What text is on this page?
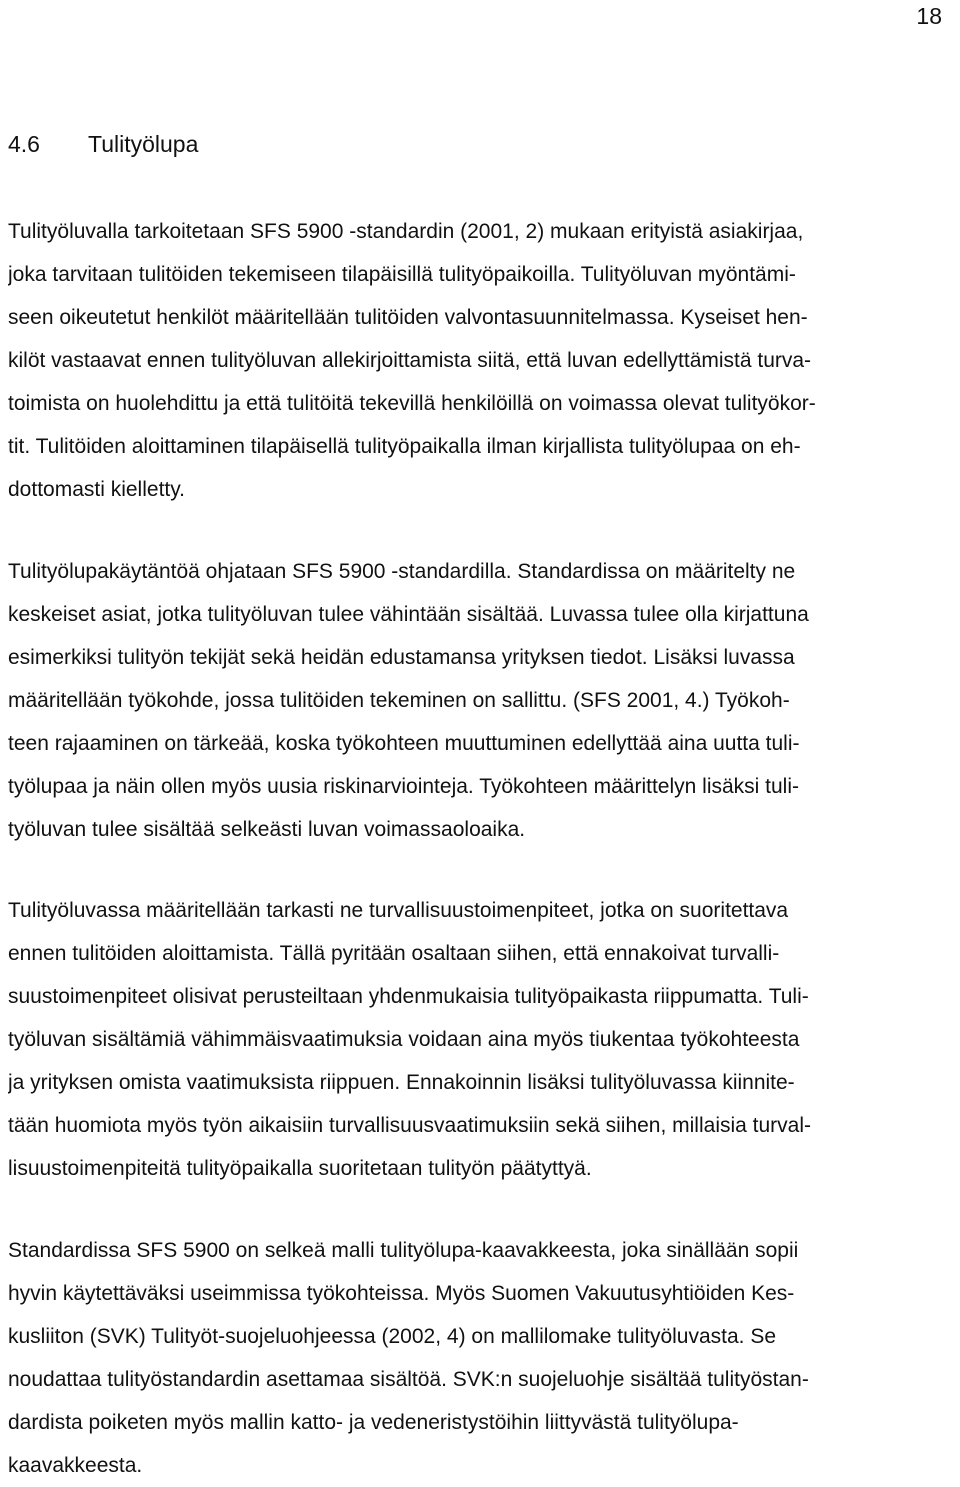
18
4.6 Tulityölupa
Tulityöluvalla tarkoitetaan SFS 5900 -standardin (2001, 2) mukaan erityistä asiakirjaa,
joka tarvitaan tulitöiden tekemiseen tilapäisillä tulityöpaikoilla. Tulityöluvan myöntämi-
seen oikeutetut henkilöt määritellään tulitöiden valvontasuunnitelmassa. Kyseiset hen-
kilöt vastaavat ennen tulityöluvan allekirjoittamista siitä, että luvan edellyttämistä turva-
toimista on huolehdittu ja että tulitöitä tekevillä henkilöillä on voimassa olevat tulityökor-
tit. Tulitöiden aloittaminen tilapäisellä tulityöpaikalla ilman kirjallista tulityölupaa on eh-
dottomasti kielletty.
Tulityölupakäytäntöä ohjataan SFS 5900 -standardilla. Standardissa on määritelty ne
keskeiset asiat, jotka tulityöluvan tulee vähintään sisältää. Luvassa tulee olla kirjattuna
esimerkiksi tulityön tekijät sekä heidän edustamansa yrityksen tiedot. Lisäksi luvassa
määritellään työkohde, jossa tulitöiden tekeminen on sallittu. (SFS 2001, 4.) Työkoh-
teen rajaaminen on tärkeää, koska työkohteen muuttuminen edellyttää aina uutta tuli-
työlupaa ja näin ollen myös uusia riskinarviointeja. Työkohteen määrittelyn lisäksi tuli-
työluvan tulee sisältää selkeästi luvan voimassaoloaika.
Tulityöluvassa määritellään tarkasti ne turvallisuustoimenpiteet, jotka on suoritettava
ennen tulitöiden aloittamista. Tällä pyritään osaltaan siihen, että ennakoivat turvalli-
suustoimenpiteet olisivat perusteiltaan yhdenmukaisia tulityöpaikasta riippumatta. Tuli-
työluvan sisältämiä vähimmäisvaatimuksia voidaan aina myös tiukentaa työkohteesta
ja yrityksen omista vaatimuksista riippuen. Ennakoinnin lisäksi tulityöluvassa kiinnite-
tään huomiota myös työn aikaisiin turvallisuusvaatimuksiin sekä siihen, millaisia turval-
lisuustoimenpiteitä tulityöpaikalla suoritetaan tulityön päätyttyä.
Standardissa SFS 5900 on selkeä malli tulityölupa-kaavakkeesta, joka sinällään sopii
hyvin käytettäväksi useimmissa työkohteissa. Myös Suomen Vakuutusyhtiöiden Kes-
kusliiton (SVK) Tulityöt-suojeluohjeessa (2002, 4) on mallilomake tulityöluvasta. Se
noudattaa tulityöstandardin asettamaa sisältöä. SVK:n suojeluohje sisältää tulityöstan-
dardista poiketen myös mallin katto- ja vedeneristystöihin liittyvästä tulityölupa-
kaavakkeesta.
